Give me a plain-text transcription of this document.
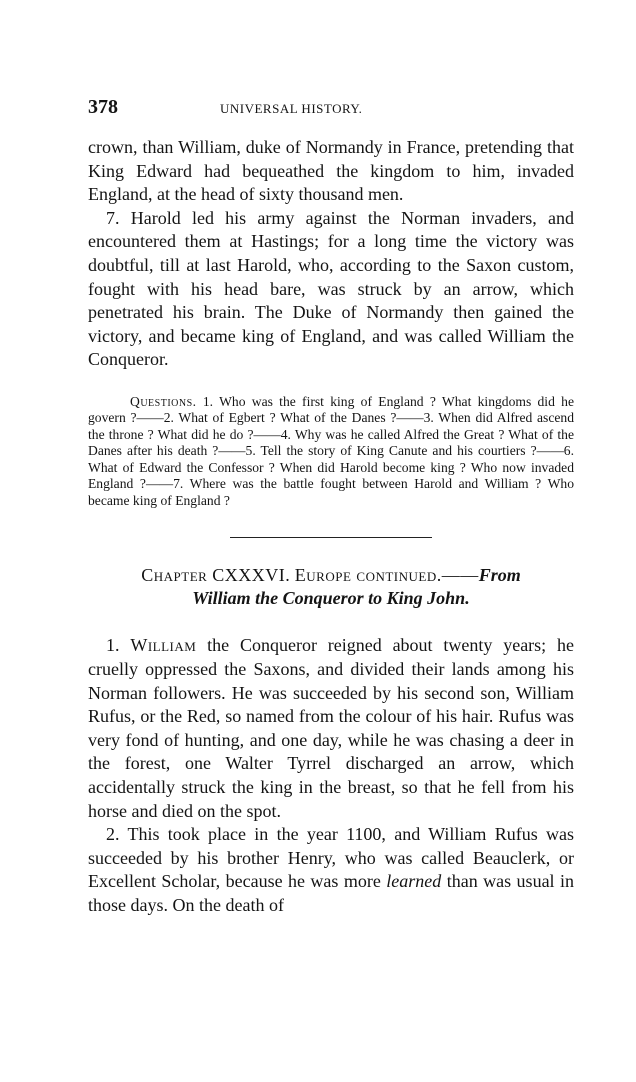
378	UNIVERSAL HISTORY.

crown, than William, duke of Normandy in France, pretending that King Edward had bequeathed the kingdom to him, invaded England, at the head of sixty thousand men.

7. Harold led his army against the Norman invaders, and encountered them at Hastings; for a long time the victory was doubtful, till at last Harold, who, according to the Saxon custom, fought with his head bare, was struck by an arrow, which penetrated his brain. The Duke of Normandy then gained the victory, and became king of England, and was called William the Conqueror.

Questions. 1. Who was the first king of England ? What kingdoms did he govern ?——2. What of Egbert ? What of the Danes ?——3. When did Alfred ascend the throne ? What did he do ?——4. Why was he called Alfred the Great ? What of the Danes after his death ?——5. Tell the story of King Canute and his courtiers ?——6. What of Edward the Confessor ? When did Harold become king ? Who now invaded England ?——7. Where was the battle fought between Harold and William ? Who became king of England ?

Chapter CXXXVI. Europe continued.——From
William the Conqueror to King John.

1. William the Conqueror reigned about twenty years; he cruelly oppressed the Saxons, and divided their lands among his Norman followers. He was succeeded by his second son, William Rufus, or the Red, so named from the colour of his hair. Rufus was very fond of hunting, and one day, while he was chasing a deer in the forest, one Walter Tyrrel discharged an arrow, which accidentally struck the king in the breast, so that he fell from his horse and died on the spot.

2. This took place in the year 1100, and William Rufus was succeeded by his brother Henry, who was called Beauclerk, or Excellent Scholar, because he was more learned than was usual in those days. On the death of
